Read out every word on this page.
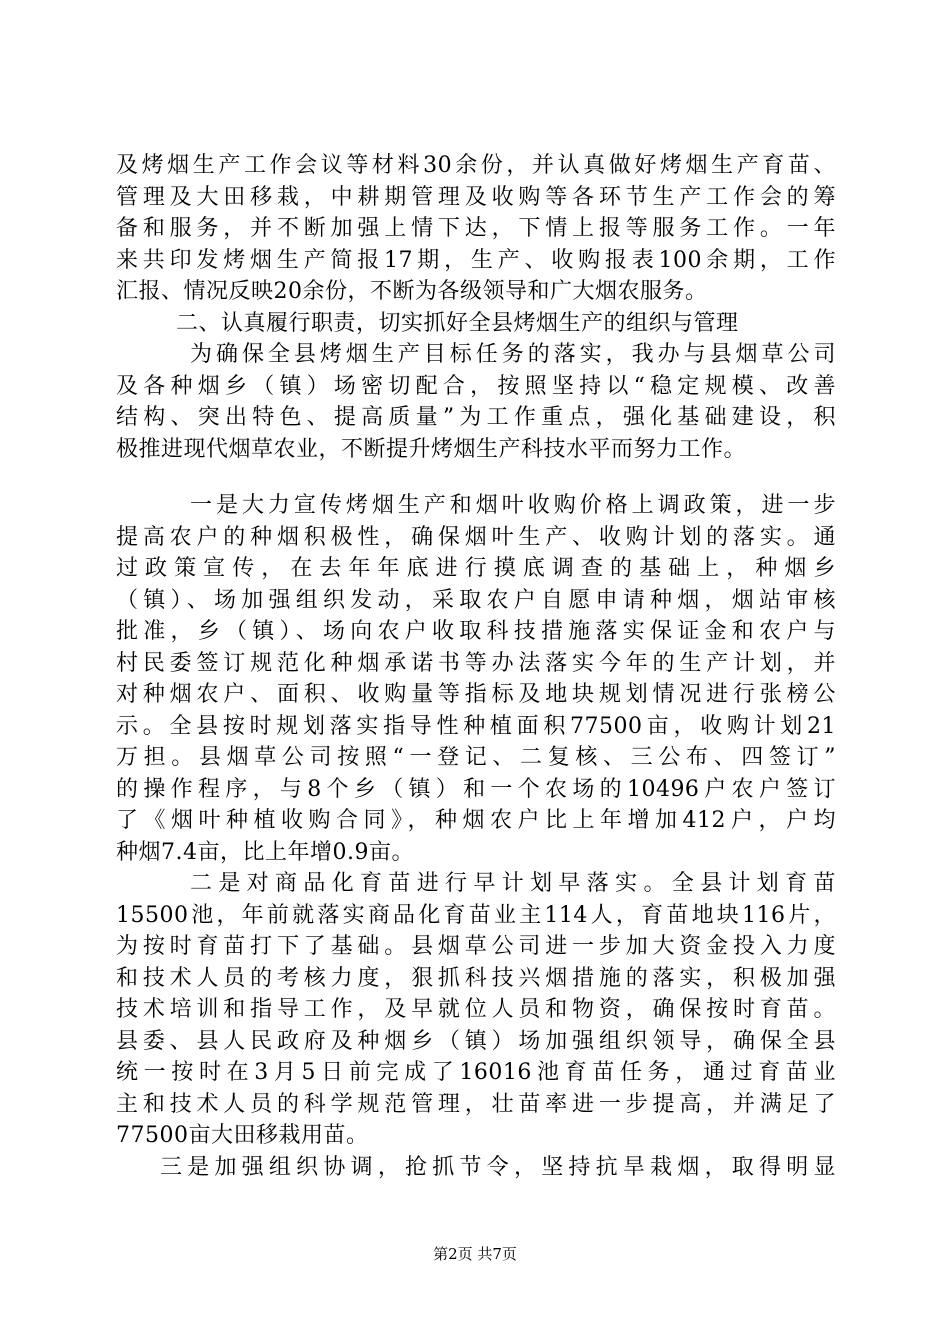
及烤烟生产工作会议等材料30余份，并认真做好烤烟生产育苗、
管理及大田移栽，中耕期管理及收购等各环节生产工作会的筹
备和服务，并不断加强上情下达，下情上报等服务工作。一年
来共印发烤烟生产简报17期，生产、收购报表100余期，工作
汇报、情况反映20余份，不断为各级领导和广大烟农服务。
二、认真履行职责，切实抓好全县烤烟生产的组织与管理
为确保全县烤烟生产目标任务的落实，我办与县烟草公司
及各种烟乡（镇）场密切配合，按照坚持以“稳定规模、改善
结构、突出特色、提高质量”为工作重点，强化基础建设，积
极推进现代烟草农业，不断提升烤烟生产科技水平而努力工作。
一是大力宣传烤烟生产和烟叶收购价格上调政策，进一步
提高农户的种烟积极性，确保烟叶生产、收购计划的落实。通
过政策宣传，在去年年底进行摸底调查的基础上，种烟乡
（镇）、场加强组织发动，采取农户自愿申请种烟，烟站审核
批准，乡（镇）、场向农户收取科技措施落实保证金和农户与
村民委签订规范化种烟承诺书等办法落实今年的生产计划，并
对种烟农户、面积、收购量等指标及地块规划情况进行张榜公
示。全县按时规划落实指导性种植面积77500亩，收购计划21
万担。县烟草公司按照“一登记、二复核、三公布、四签订”
的操作程序，与8个乡（镇）和一个农场的10496户农户签订
了《烟叶种植收购合同》，种烟农户比上年增加412户，户均
种烟7.4亩，比上年增0.9亩。
二是对商品化育苗进行早计划早落实。全县计划育苗
15500池，年前就落实商品化育苗业主114人，育苗地块116片，
为按时育苗打下了基础。县烟草公司进一步加大资金投入力度
和技术人员的考核力度，狠抓科技兴烟措施的落实，积极加强
技术培训和指导工作，及早就位人员和物资，确保按时育苗。
县委、县人民政府及种烟乡（镇）场加强组织领导，确保全县
统一按时在3月5日前完成了16016池育苗任务，通过育苗业
主和技术人员的科学规范管理，壮苗率进一步提高，并满足了
77500亩大田移栽用苗。
三是加强组织协调，抢抓节令，坚持抗旱栽烟，取得明显
第2页 共7页
